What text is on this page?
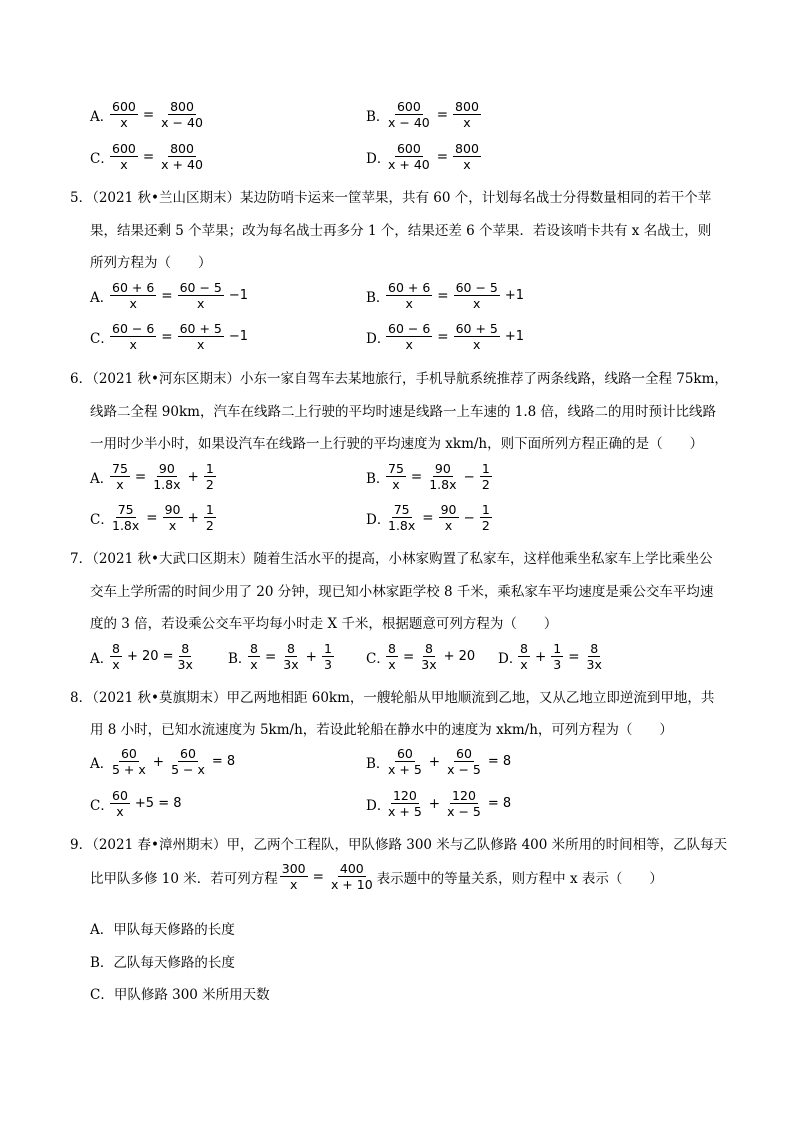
A．
$\frac{600}{x} = \frac{800}{x - 40}$	B．
$\frac{600}{x - 40} = \frac{800}{x}$
C．
$\frac{600}{x} = \frac{800}{x + 40}$	D．
$\frac{600}{x + 40} = \frac{800}{x}$
5．（2021 秋•兰山区期末）某边防哨卡运来一筐苹果，共有 60 个，计划每名战士分得数量相同的若干个苹
果，结果还剩 5 个苹果；改为每名战士再多分 1 个，结果还差 6 个苹果．若设该哨卡共有 x 名战士，则
所列方程为（　　）
A．
$\frac{60 + 6}{x} = \frac{60 - 5}{x} -1$	B．
$\frac{60 + 6}{x} = \frac{60 - 5}{x} +1$
C．
$\frac{60 - 6}{x} = \frac{60 + 5}{x} -1$	D．
$\frac{60 - 6}{x} = \frac{60 + 5}{x} +1$
6．（2021 秋•河东区期末）小东一家自驾车去某地旅行，手机导航系统推荐了两条线路，线路一全程 75km，
线路二全程 90km，汽车在线路二上行驶的平均时速是线路一上车速的 1.8 倍，线路二的用时预计比线路
一用时少半小时，如果设汽车在线路一上行驶的平均速度为 xkm/h，则下面所列方程正确的是（　　）
A．
$\frac{75}{x} = \frac{90}{1.8x} + \frac{1}{2}$	B．
$\frac{75}{x} = \frac{90}{1.8x} - \frac{1}{2}$
C．
$\frac{75}{1.8x} = \frac{90}{x} + \frac{1}{2}$	D．
$\frac{75}{1.8x} = \frac{90}{x} - \frac{1}{2}$
7．（2021 秋•大武口区期末）随着生活水平的提高，小林家购置了私家车，这样他乘坐私家车上学比乘坐公
交车上学所需的时间少用了 20 分钟，现已知小林家距学校 8 千米，乘私家车平均速度是乘公交车平均速
度的 3 倍，若设乘公交车平均每小时走 X 千米，根据题意可列方程为（　　）
A．
$\frac{8}{x} + 20 = \frac{8}{3x}$ B．
$\frac{8}{x} = \frac{8}{3x} + \frac{1}{3}$ C．
$\frac{8}{x} = \frac{8}{3x} + 20$ D．
$\frac{8}{x} + \frac{1}{3} = \frac{8}{3x}$
8．（2021 秋•莫旗期末）甲乙两地相距 60km，一艘轮船从甲地顺流到乙地，又从乙地立即逆流到甲地，共
用 8 小时，已知水流速度为 5km/h，若设此轮船在静水中的速度为 xkm/h，可列方程为（　　）
A．
$\frac{60}{5 + x} + \frac{60}{5 - x} = 8$	B．
$\frac{60}{x + 5} + \frac{60}{x - 5} = 8$
C．
$\frac{60}{x} +5 = 8$	D．
$\frac{120}{x + 5} + \frac{120}{x - 5} = 8$
9．（2021 春•漳州期末）甲，乙两个工程队，甲队修路 300 米与乙队修路 400 米所用的时间相等，乙队每天
比甲队多修 10 米．若可列方程 $\frac{300}{x} = \frac{400}{x + 10}$ 表示题中的等量关系，则方程中 x 表示（　　）
A．甲队每天修路的长度
B．乙队每天修路的长度
C．甲队修路 300 米所用天数
